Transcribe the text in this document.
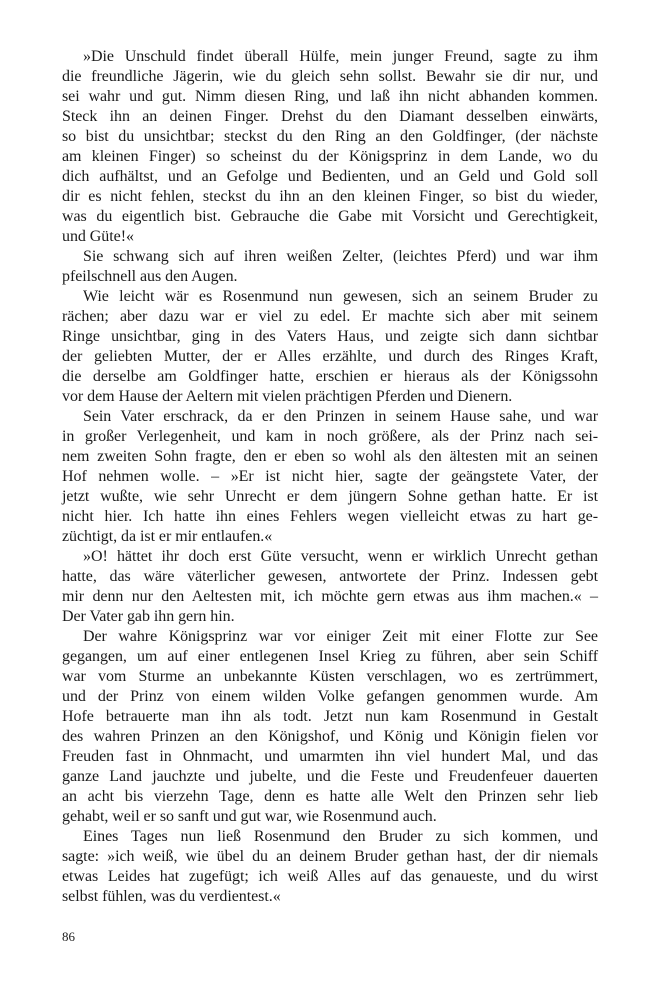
»Die Unschuld findet überall Hülfe, mein junger Freund, sagte zu ihm
die freundliche Jägerin, wie du gleich sehn sollst. Bewahr sie dir nur, und
sei wahr und gut. Nimm diesen Ring, und laß ihn nicht abhanden kommen.
Steck ihn an deinen Finger. Drehst du den Diamant desselben einwärts,
so bist du unsichtbar; steckst du den Ring an den Goldfinger, (der nächste
am kleinen Finger) so scheinst du der Königsprinz in dem Lande, wo du
dich aufhältst, und an Gefolge und Bedienten, und an Geld und Gold soll
dir es nicht fehlen, steckst du ihn an den kleinen Finger, so bist du wieder,
was du eigentlich bist. Gebrauche die Gabe mit Vorsicht und Gerechtigkeit,
und Güte!«
Sie schwang sich auf ihren weißen Zelter, (leichtes Pferd) und war ihm
pfeilschnell aus den Augen.
Wie leicht wär es Rosenmund nun gewesen, sich an seinem Bruder zu
rächen; aber dazu war er viel zu edel. Er machte sich aber mit seinem
Ringe unsichtbar, ging in des Vaters Haus, und zeigte sich dann sichtbar
der geliebten Mutter, der er Alles erzählte, und durch des Ringes Kraft,
die derselbe am Goldfinger hatte, erschien er hieraus als der Königssohn
vor dem Hause der Aeltern mit vielen prächtigen Pferden und Dienern.
Sein Vater erschrack, da er den Prinzen in seinem Hause sahe, und war
in großer Verlegenheit, und kam in noch größere, als der Prinz nach sei-
nem zweiten Sohn fragte, den er eben so wohl als den ältesten mit an seinen
Hof nehmen wolle. – »Er ist nicht hier, sagte der geängstete Vater, der
jetzt wußte, wie sehr Unrecht er dem jüngern Sohne gethan hatte. Er ist
nicht hier. Ich hatte ihn eines Fehlers wegen vielleicht etwas zu hart ge-
züchtigt, da ist er mir entlaufen.«
»O! hättet ihr doch erst Güte versucht, wenn er wirklich Unrecht gethan
hatte, das wäre väterlicher gewesen, antwortete der Prinz. Indessen gebt
mir denn nur den Aeltesten mit, ich möchte gern etwas aus ihm machen.« –
Der Vater gab ihn gern hin.
Der wahre Königsprinz war vor einiger Zeit mit einer Flotte zur See
gegangen, um auf einer entlegenen Insel Krieg zu führen, aber sein Schiff
war vom Sturme an unbekannte Küsten verschlagen, wo es zertrümmert,
und der Prinz von einem wilden Volke gefangen genommen wurde. Am
Hofe betrauerte man ihn als todt. Jetzt nun kam Rosenmund in Gestalt
des wahren Prinzen an den Königshof, und König und Königin fielen vor
Freuden fast in Ohnmacht, und umarmten ihn viel hundert Mal, und das
ganze Land jauchzte und jubelte, und die Feste und Freudenfeuer dauerten
an acht bis vierzehn Tage, denn es hatte alle Welt den Prinzen sehr lieb
gehabt, weil er so sanft und gut war, wie Rosenmund auch.
Eines Tages nun ließ Rosenmund den Bruder zu sich kommen, und
sagte: »ich weiß, wie übel du an deinem Bruder gethan hast, der dir niemals
etwas Leides hat zugefügt; ich weiß Alles auf das genaueste, und du wirst
selbst fühlen, was du verdientest.«
86
